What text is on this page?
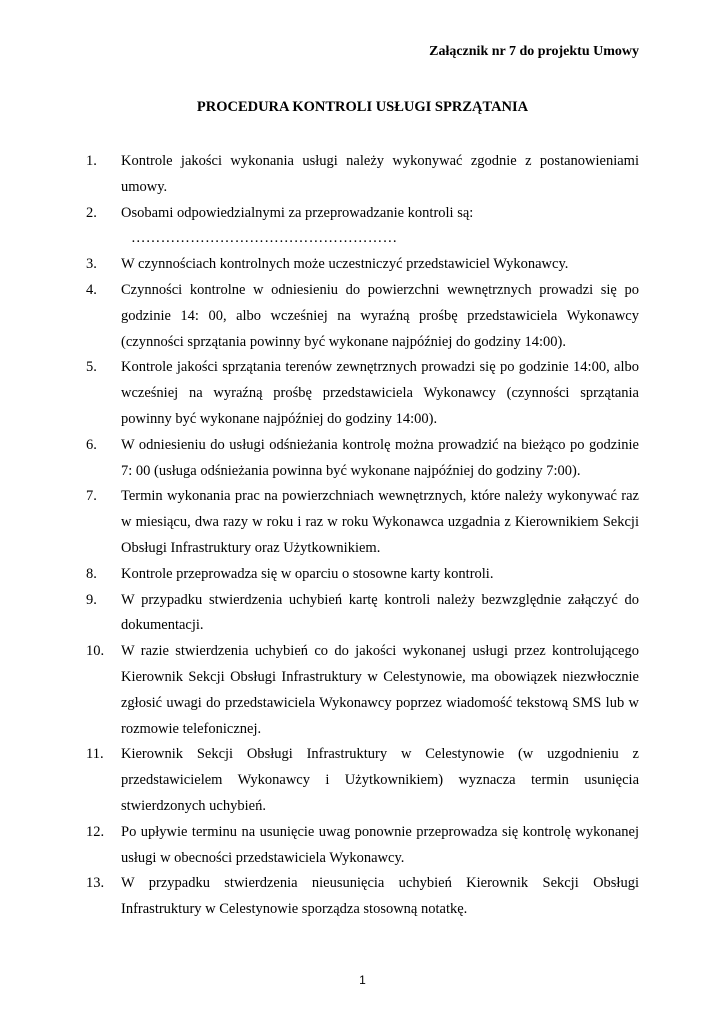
Załącznik nr 7 do projektu Umowy
PROCEDURA KONTROLI USŁUGI SPRZĄTANIA
1. Kontrole jakości wykonania usługi należy wykonywać zgodnie z postanowieniami umowy.
2. Osobami odpowiedzialnymi za przeprowadzanie kontroli są:
………………………………………………
3. W czynnościach kontrolnych może uczestniczyć przedstawiciel Wykonawcy.
4. Czynności kontrolne w odniesieniu do powierzchni wewnętrznych prowadzi się po godzinie 14: 00, albo wcześniej na wyraźną prośbę przedstawiciela Wykonawcy (czynności sprzątania powinny być wykonane najpóźniej do godziny 14:00).
5. Kontrole jakości sprzątania terenów zewnętrznych prowadzi się po godzinie 14:00, albo wcześniej na wyraźną prośbę przedstawiciela Wykonawcy (czynności sprzątania powinny być wykonane najpóźniej do godziny 14:00).
6. W odniesieniu do usługi odśnieżania kontrolę można prowadzić na bieżąco po godzinie 7: 00 (usługa odśnieżania powinna być wykonane najpóźniej do godziny 7:00).
7. Termin wykonania prac na powierzchniach wewnętrznych, które należy wykonywać raz w miesiącu, dwa razy w roku i raz w roku Wykonawca uzgadnia z Kierownikiem Sekcji Obsługi Infrastruktury oraz Użytkownikiem.
8. Kontrole przeprowadza się w oparciu o stosowne karty kontroli.
9. W przypadku stwierdzenia uchybień kartę kontroli należy bezwzględnie załączyć do dokumentacji.
10. W razie stwierdzenia uchybień co do jakości wykonanej usługi przez kontrolującego Kierownik Sekcji Obsługi Infrastruktury w Celestynowie, ma obowiązek niezwłocznie zgłosić uwagi do przedstawiciela Wykonawcy poprzez wiadomość tekstową SMS lub w rozmowie telefonicznej.
11. Kierownik Sekcji Obsługi Infrastruktury w Celestynowie (w uzgodnieniu z przedstawicielem Wykonawcy i Użytkownikiem) wyznacza termin usunięcia stwierdzonych uchybień.
12. Po upływie terminu na usunięcie uwag ponownie przeprowadza się kontrolę wykonanej usługi w obecności przedstawiciela Wykonawcy.
13. W przypadku stwierdzenia nieusunięcia uchybień Kierownik Sekcji Obsługi Infrastruktury w Celestynowie sporządza stosowną notatkę.
1
